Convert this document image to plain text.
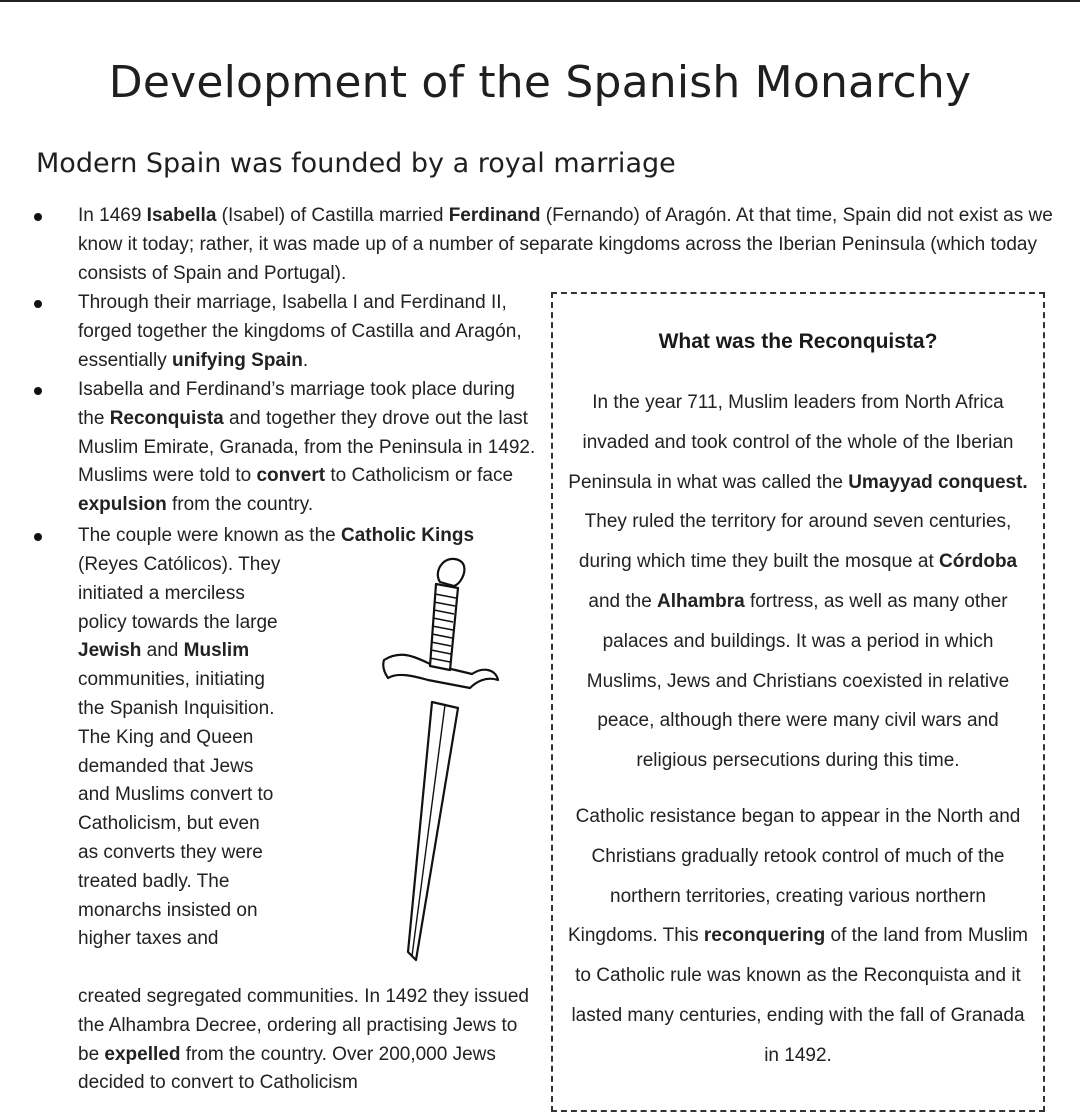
Development of the Spanish Monarchy
Modern Spain was founded by a royal marriage
In 1469 Isabella (Isabel) of Castilla married Ferdinand (Fernando) of Aragón. At that time, Spain did not exist as we know it today; rather, it was made up of a number of separate kingdoms across the Iberian Peninsula (which today consists of Spain and Portugal).
Through their marriage, Isabella I and Ferdinand II, forged together the kingdoms of Castilla and Aragón, essentially unifying Spain.
Isabella and Ferdinand’s marriage took place during the Reconquista and together they drove out the last Muslim Emirate, Granada, from the Peninsula in 1492. Muslims were told to convert to Catholicism or face expulsion from the country.
The couple were known as the Catholic Kings
(Reyes Católicos). They initiated a merciless policy towards the large Jewish and Muslim communities, initiating the Spanish Inquisition. The King and Queen demanded that Jews and Muslims convert to Catholicism, but even as converts they were treated badly. The monarchs insisted on higher taxes and
created segregated communities. In 1492 they issued the Alhambra Decree, ordering all practising Jews to be expelled from the country. Over 200,000 Jews decided to convert to Catholicism
What was the Reconquista?
In the year 711, Muslim leaders from North Africa invaded and took control of the whole of the Iberian Peninsula in what was called the Umayyad conquest. They ruled the territory for around seven centuries, during which time they built the mosque at Córdoba and the Alhambra fortress, as well as many other palaces and buildings. It was a period in which Muslims, Jews and Christians coexisted in relative peace, although there were many civil wars and religious persecutions during this time.
Catholic resistance began to appear in the North and Christians gradually retook control of much of the northern territories, creating various northern Kingdoms. This reconquering of the land from Muslim to Catholic rule was known as the Reconquista and it lasted many centuries, ending with the fall of Granada in 1492.
